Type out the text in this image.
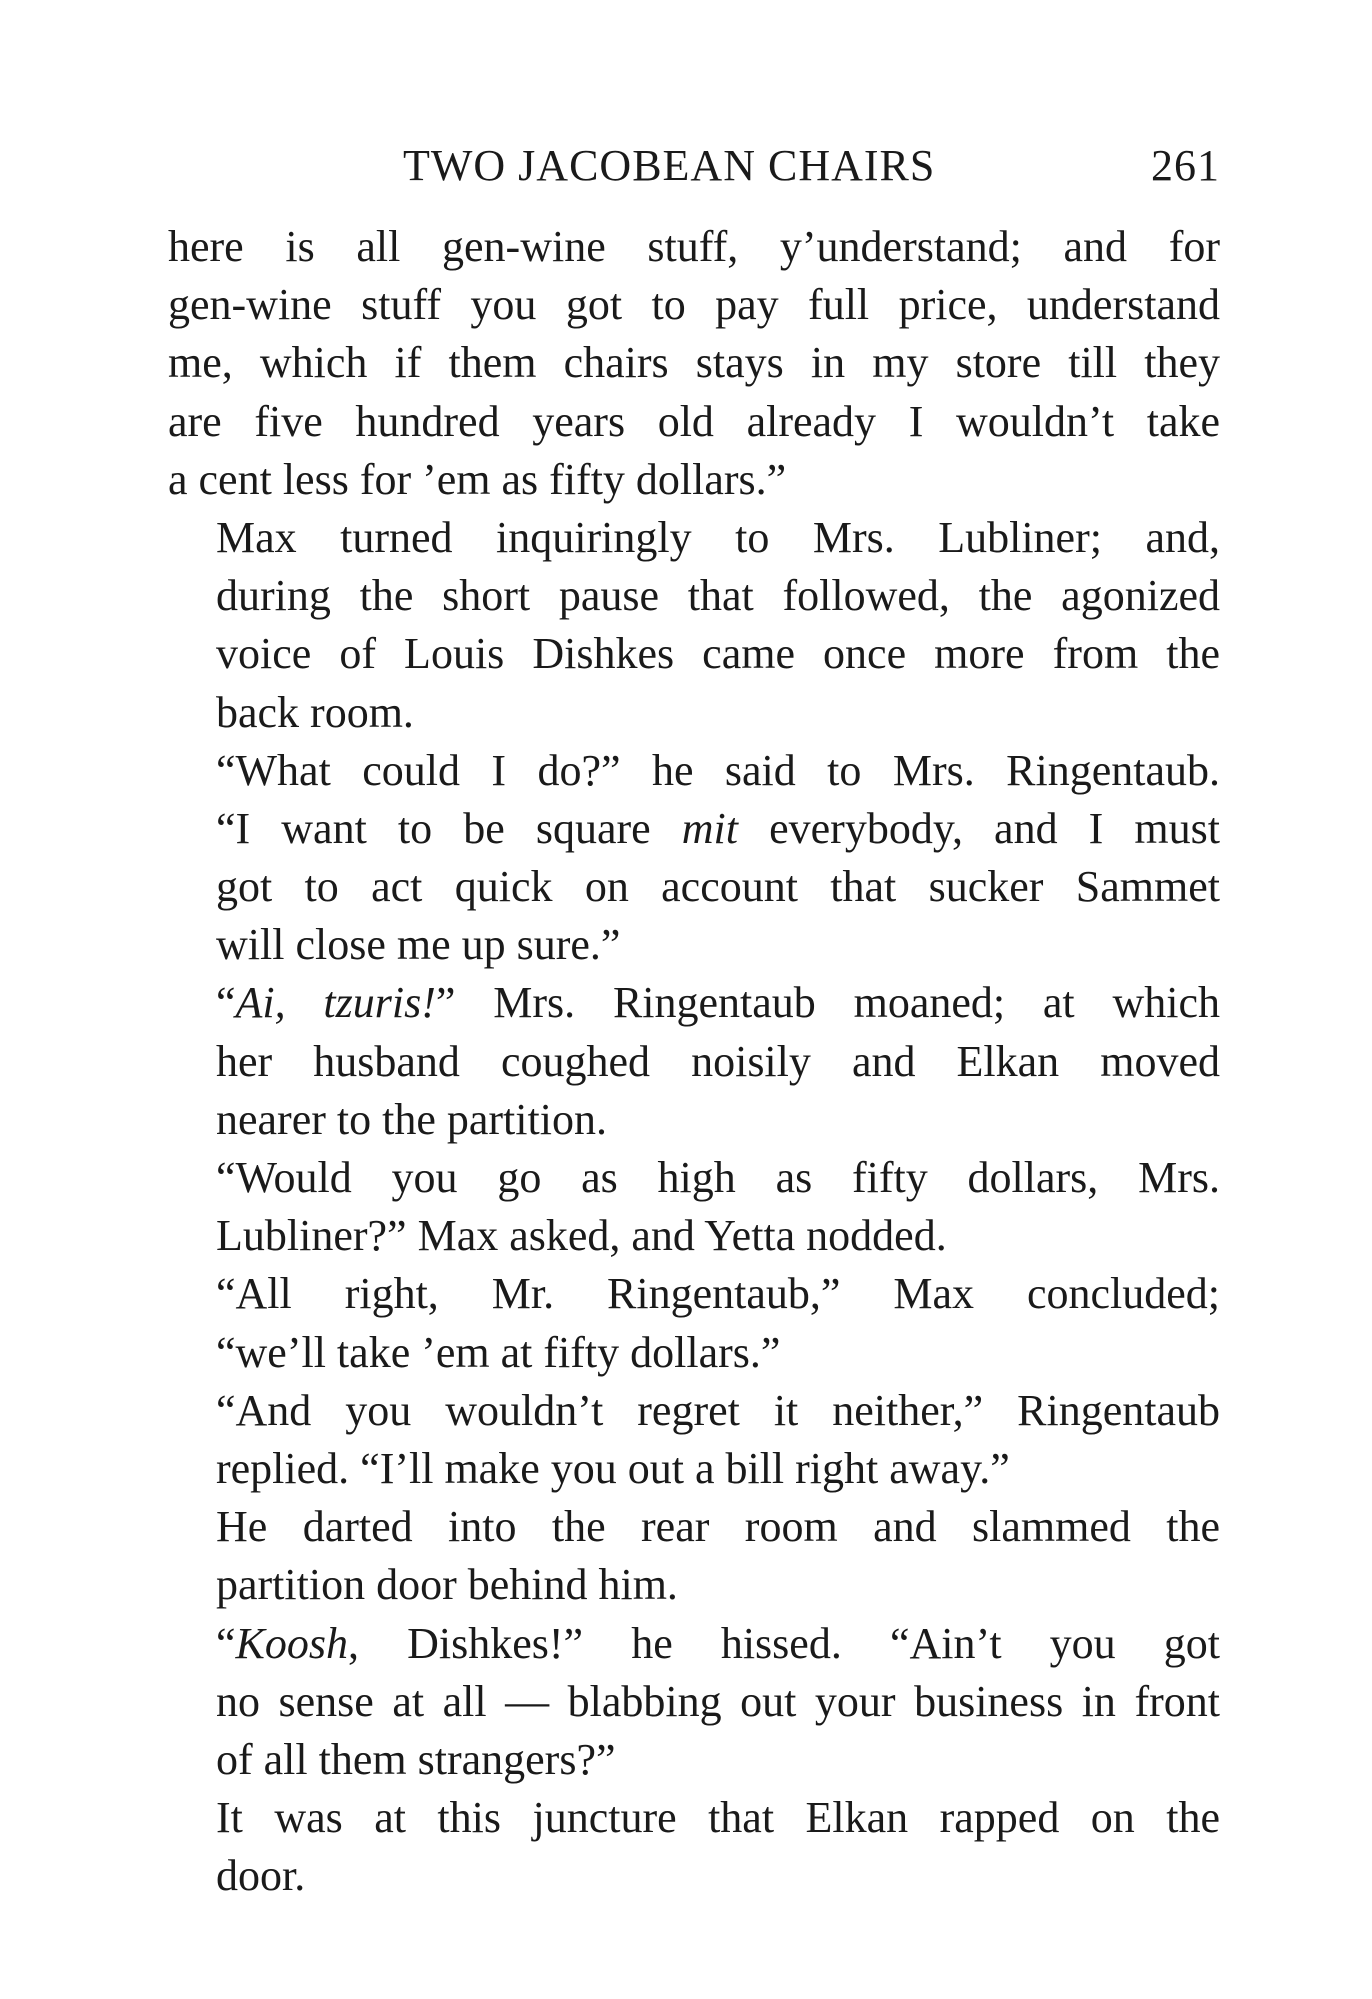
TWO JACOBEAN CHAIRS	261
here is all gen-wine stuff, y’understand; and for
gen-wine stuff you got to pay full price, understand
me, which if them chairs stays in my store till they
are five hundred years old already I wouldn’t take
a cent less for ’em as fifty dollars.”
Max turned inquiringly to Mrs. Lubliner; and,
during the short pause that followed, the agonized
voice of Louis Dishkes came once more from the
back room.
“What could I do?” he said to Mrs. Ringentaub.
“I want to be square mit everybody, and I must
got to act quick on account that sucker Sammet
will close me up sure.”
“Ai, tzuris!” Mrs. Ringentaub moaned; at which
her husband coughed noisily and Elkan moved
nearer to the partition.
“Would you go as high as fifty dollars, Mrs.
Lubliner?” Max asked, and Yetta nodded.
“All right, Mr. Ringentaub,” Max concluded;
“we’ll take ’em at fifty dollars.”
“And you wouldn’t regret it neither,” Ringentaub
replied. “I’ll make you out a bill right away.”
He darted into the rear room and slammed the
partition door behind him.
“Koosh, Dishkes!” he hissed. “Ain’t you got
no sense at all — blabbing out your business in front
of all them strangers?”
It was at this juncture that Elkan rapped on the
door.
